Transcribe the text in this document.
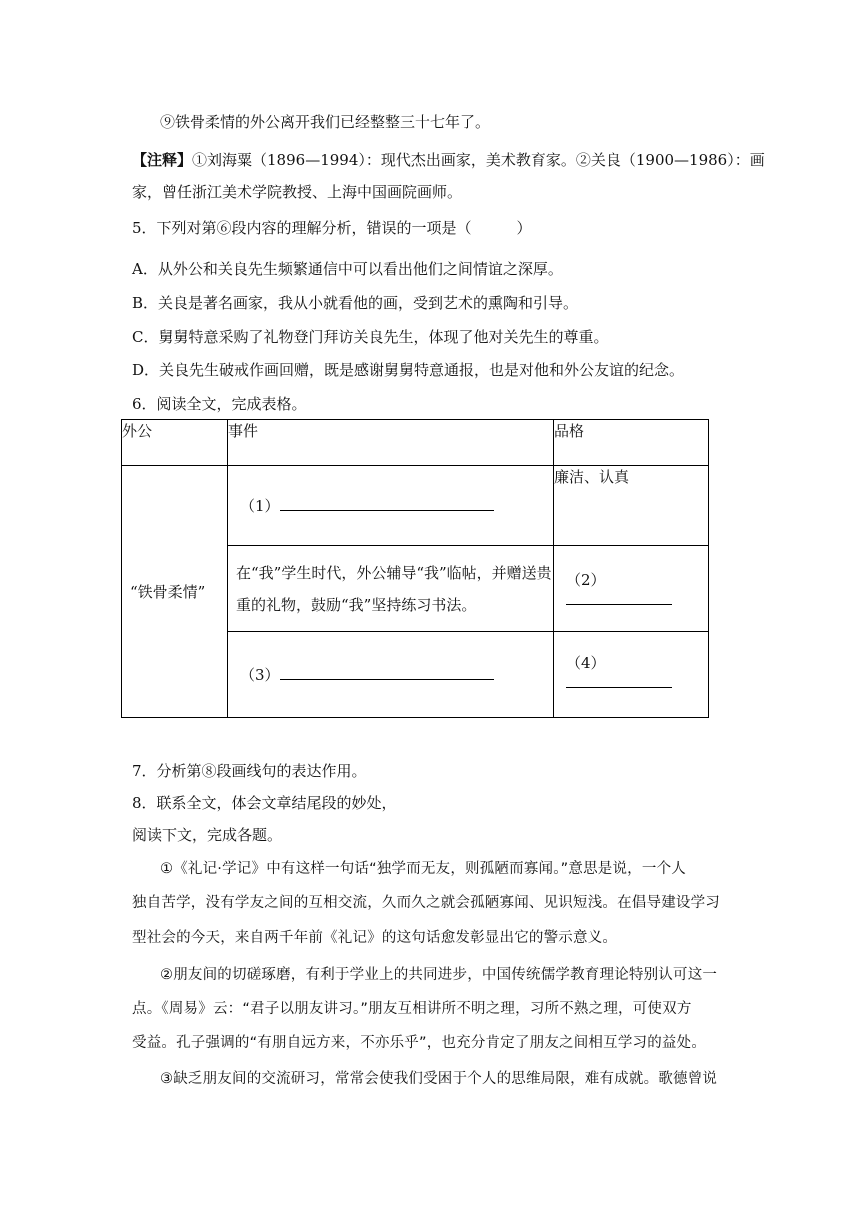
⑨铁骨柔情的外公离开我们已经整整三十七年了。
【注释】①刘海粟（1896—1994）：现代杰出画家，美术教育家。②关良（1900—1986）：画
家，曾任浙江美术学院教授、上海中国画院画师。
5．下列对第⑥段内容的理解分析，错误的一项是（　　　）
A．从外公和关良先生频繁通信中可以看出他们之间情谊之深厚。
B．关良是著名画家，我从小就看他的画，受到艺术的熏陶和引导。
C．舅舅特意采购了礼物登门拜访关良先生，体现了他对关先生的尊重。
D．关良先生破戒作画回赠，既是感谢舅舅特意通报，也是对他和外公友谊的纪念。
6．阅读全文，完成表格。
外公	事件	品格
“铁骨柔情”	（1）	廉洁、认真

	在“我”学生时代，外公辅导“我”临帖，并赠送贵
重的礼物，鼓励“我”坚持练习书法。	（2）
	（3）	（4）
7．分析第⑧段画线句的表达作用。
8．联系全文，体会文章结尾段的妙处，
阅读下文，完成各题。
①《礼记·学记》中有这样一句话“独学而无友，则孤陋而寡闻。”意思是说，一个人
独自苦学，没有学友之间的互相交流，久而久之就会孤陋寡闻、见识短浅。在倡导建设学习
型社会的今天，来自两千年前《礼记》的这句话愈发彰显出它的警示意义。
②朋友间的切磋琢磨，有利于学业上的共同进步，中国传统儒学教育理论特别认可这一
点。《周易》云：“君子以朋友讲习。”朋友互相讲所不明之理，习所不熟之理，可使双方
受益。孔子强调的“有朋自远方来，不亦乐乎”，也充分肯定了朋友之间相互学习的益处。
③缺乏朋友间的交流研习，常常会使我们受困于个人的思维局限，难有成就。歌德曾说
